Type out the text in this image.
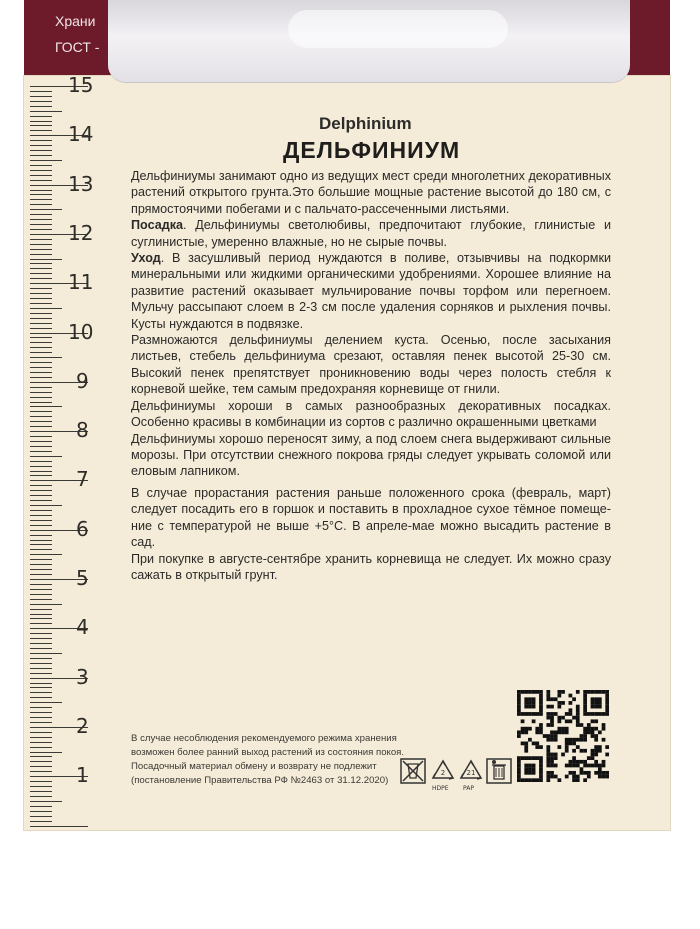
Храни
ГОСТ -
15
14
13
12
11
10
9
8
7
6
5
4
3
2
1
Delphinium
ДЕЛЬФИНИУМ

Дельфиниумы занимают одно из ведущих мест среди многолетних декоративных растений открытого грунта.Это большие мощные растение высотой до 180 см, с прямостоячими побегами и с пальчато-рассеченными листьями.

Посадка. Дельфиниумы светолюбивы, предпочитают глубокие, глинистые и суглинистые, умеренно влажные, но не сырые почвы.

Уход. В засушливый период нуждаются в поливе, отзывчивы на подкормки минеральными или жидкими органическими удобрениями. Хорошее влияние на развитие растений оказывает мульчирование почвы торфом или перегноем. Мульчу рассыпают слоем в 2-3 см после удаления сорняков и рыхления почвы. Кусты нуждаются в подвязке.

Размножаются дельфиниумы делением куста. Осенью, после засыхания листьев, стебель дельфиниума срезают, оставляя пенек высотой 25-30 см. Высокий пенек препятствует проникновению воды через полость стебля к корневой шейке, тем самым предохраняя корневище от гнили.

Дельфиниумы хороши в самых разнообразных декоративных посадках. Особенно красивы в комбинации из сортов с различно окрашенными цветками

Дельфиниумы хорошо переносят зиму, а под слоем снега выдерживают сильные морозы. При отсутствии снежного покрова гряды следует укрывать соломой или еловым лапником.

В случае прорастания растения раньше положенного срока (февраль, март) следует посадить его в горшок и поставить в прохладное сухое тёмное помеще-ние с температурой не выше +5°С. В апреле-мае можно высадить растение в сад.

При покупке в августе-сентябре хранить корневища не следует. Их можно сразу сажать в открытый грунт.

В случае несоблюдения рекомендуемого режима хранения

возможен более ранний выход растений из состояния покоя.

Посадочный материал обмену и возврату не подлежит

(постановление Правительства РФ №2463 от 31.12.2020)

2
HDPE
21
PAP
